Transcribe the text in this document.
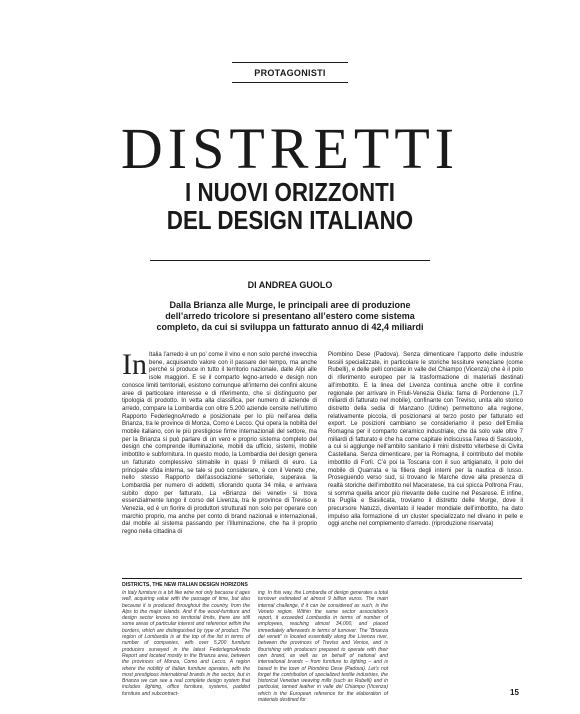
PROTAGONISTI
DISTRETTI
I NUOVI ORIZZONTI
DEL DESIGN ITALIANO
DI ANDREA GUOLO

Dalla Brianza alle Murge, le principali aree di produzione dell’arredo tricolore si presentano all’estero come sistema completo, da cui si sviluppa un fatturato annuo di 42,4 miliardi

In Italia l’arredo è un po’ come il vino e non solo perché invecchia bene, acquisendo valore con il passare del tempo, ma anche perché si produce in tutto il territorio nazionale, dalle Alpi alle isole maggiori. E se il comparto legno-arredo e design non conosce limiti territoriali, esistono comunque all’interno dei confini alcune aree di particolare interesse e di riferimento, che si distinguono per tipologia di prodotto. In vetta alla classifica, per numero di aziende di arredo, compare la Lombardia con oltre 5.200 aziende censite nell’ultimo Rapporto FederlegnoArredo e posizionate per lo più nell’area della Brianza, tra le province di Monza, Como e Lecco. Qui opera la nobiltà del mobile italiano, con le più prestigiose firme internazionali del settore, ma per la Brianza si può parlare di un vero e proprio sistema completo del design che comprende illuminazione, mobili da ufficio, sistemi, mobile imbottito e subfornitura. In questo modo, la Lombardia del design genera un fatturato complessivo stimabile in quasi 9 miliardi di euro. La principale sfida interna, se tale si può considerare, è con il Veneto che, nello stesso Rapporto dell’associazione settoriale, superava la Lombardia per numero di addetti, sfiorando quota 34 mila, e arrivava subito dopo per fatturato. La «Brianza dei veneti» si trova essenzialmente lungo il corso del Livenza, tra le province di Treviso e Venezia, ed è un fiorire di produttori strutturati non solo per operare con marchio proprio, ma anche per conto di brand nazionali e internazionali, dal mobile al sistema passando per l’illuminazione, che ha il proprio regno nella cittadina di
Piombino Dese (Padova). Senza dimenticare l’apporto delle industrie tessili specializzate, in particolare le storiche tessiture veneziane (come Rubelli), e delle pelli conciate in valle del Chiampo (Vicenza) che è il polo di riferimento europeo per la trasformazione di materiali destinati all’imbottito. E la linea del Livenza continua anche oltre il confine regionale per arrivare in Friuli-Venezia Giulia: fama di Pordenone (1,7 miliardi di fatturato nel mobile), confinante con Treviso, unita allo storico distretto della sedia di Manzano (Udine) permettono alla regione, relativamente piccola, di posizionarsi al terzo posto per fatturato ed export. Le posizioni cambiano se consideriamo il peso dell’Emilia Romagna per il comparto ceramico industriale, che da solo vale oltre 7 miliardi di fatturato e che ha come capitale indiscussa l’area di Sassuolo, a cui si aggiunge nell’ambito sanitario il mini distretto viterbese di Civita Castellana. Senza dimenticare, per la Romagna, il contributo del mobile imbottito di Forlì. C’è poi la Toscana con il suo artigianato, il polo del mobile di Quarrata e la filiera degli interni per la nautica di lusso. Proseguendo verso sud, si trovano le Marche dove alla presenza di realtà storiche dell’imbottito nel Maceratese, tra cui spicca Poltrona Frau, si somma quella ancor più rilevante delle cucine nel Pesarese. E infine, tra Puglia e Basilicata, troviamo il distretto delle Murge, dove il precursore Natuzzi, diventato il leader mondiale dell’imbottito, ha dato impulso alla formazione di un cluster specializzato nel divano in pelle e oggi anche nel complemento d’arredo. (riproduzione riservata)
DISTRICTS, THE NEW ITALIAN DESIGN HORIZONS
In Italy furniture is a bit like wine not only because it ages well, acquiring value with the passage of time, but also because it is produced throughout the country, from the Alps to the major islands. And if the wood-furniture and design sector knows no territorial limits, there are still some areas of particular interest and reference within the borders, which are distinguished by type of product. The region of Lombardia is at the top of the list in terms of number of companies, with over 5,200 furniture producers surveyed in the latest FederlegnoArredo Report and located mostly in the Brianza area, between the provinces of Monza, Como and Lecco. A region where the nobility of Italian furniture operates, with the most prestigious international brands in the sector, but in Brianza we can see a real complete design system that includes lighting, office furniture, systems, padded furniture and subcontract-
ing. In this way, the Lombardia of design generates a total turnover estimated at almost 9 billion euros. The main internal challenge, if it can be considered as such, is the Veneto region. Within the same sector association’s report, it exceeded Lombardia in terms of number of employees, reaching almost 34,000, and placed immediately afterwards in terms of turnover. The “Brianza dei veneti” is located essentially along the Livenza river, between the provinces of Treviso and Venice, and is flourishing with producers prepared to operate with their own brand, as well as on behalf of national and international brands – from furniture to lighting – and is based in the town of Piombino Dese (Padova). Let’s not forget the contribution of specialized textile industries, the historical Venetian weaving mills (such as Rubelli) and in particular, tanned leather in valle del Chiampo (Vicenza) which is the European reference for the elaboration of materials destined for
15
